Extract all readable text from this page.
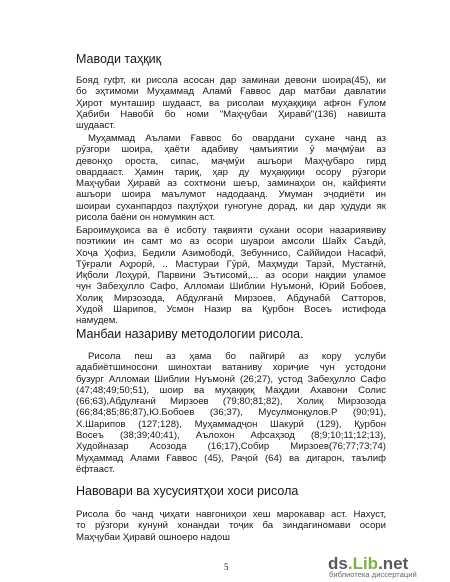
Маводи таҳқиқ
Бояд гуфт, ки рисола асосан дар заминаи девони шоира(45), ки
бо эҳтимоми Муҳаммад Аламӣ Ғаввос дар матбаи давлатии
Ҳирот мунташир шудааст, ва рисолаи муҳаққиқи афғон Ғулом
Ҳабиби Навобӣ бо номи "Маҳҷубаи Ҳиравӣ"(136) навишта
шудааст.
Муҳаммад Аълами Ғаввос бо овардани сухане чанд аз
рӯзгори шоира, ҳаёти адабиву ҷамъиятии ӯ маҷмӯаи аз
девонҳо ороста, сипас, маҷмӯи ашъори Маҳҷубаро гирд
овардааст. Ҳамин тариқ, ҳар ду муҳаққиқи осору рӯзгори
Маҳҷубаи Ҳиравӣ аз сохтмони шеър, заминаҳои он, кайфияти
ашъори шоира маълумот надодаанд. Умуман эҷодиёти ин
шоираи суханпардоз паҳлӯҳои гуногуне дорад, ки дар ҳудуди як
рисола баёни он номумкин аст.
Бароимуқоиса ва ё исботу тақвияти сухани осори назариявиву
поэтикии ин самт мо аз осори шуарои амсоли Шайх Саъдӣ,
Хоҷа Ҳофиз, Бедили Азимободӣ, Зебуннисо, Саййидои Насафӣ,
Тӯғрали Аҳрорӣ, .. Мастураи Гӯрӣ, Маҳмуди Тарзӣ, Мустағнӣ,
Иқболи Лоҳурӣ, Парвини Эътисомӣ,... аз осори нақдии уламое
чун Забеҳулло Сафо, Алломаи Шиблии Нуъмонӣ, Юрий Бобоев,
Холиқ Мирзозода, Абдулғанӣ Мирзоев, Абдунабӣ Сатторов,
Худой Шарипов, Усмон Назир ва Қурбон Восеъ истифода
намудем.
Манбаи назариву методологии рисола.
Рисола пеш аз ҳама бо пайгирӣ аз кору услуби
адабиётшиносони шинохтаи ватаниву хориҷие чун устодони
бузург Алломаи Шиблии Нуъмонӣ (26;27), устод Забеҳулло Сафо
(47;48;49;50;51), шоир ва муҳаққиқ Маҳдии Ахавони Солис
(66;63),Абдулғанӣ Мирзоев (79;80;81;82), Холиқ Мирзозода
(66;84;85;86;87),Ю.Бобоев (36;37), Мусулмонқулов.Р (90;91),
Х.Шарипов (127;128), Муҳаммадҷон Шакурӣ (129), Қурбон
Восеъ (38;39;40;41), Аълохон Афсаҳзод (8;9;10;11;12;13),
Худойназар Асозода (16;17),Собир Мирзоев(76;77;73;74)
Муҳаммад Алами Ғаввос (45), Раҷоӣ (64) ва дигарон, таълиф
ёфтааст.
Навовари ва хусусиятҳои хоси рисола
Рисола бо чанд ҷиҳати навгониҳои хеш марокавар аст. Нахуст,
то рӯзгори кунунӣ хонандаи тоҷик ба зиндагиномави осори
Маҳҷубаи Ҳиравӣ ошноеро надош
5	ds.Lib.net
библиотека диссертаций
